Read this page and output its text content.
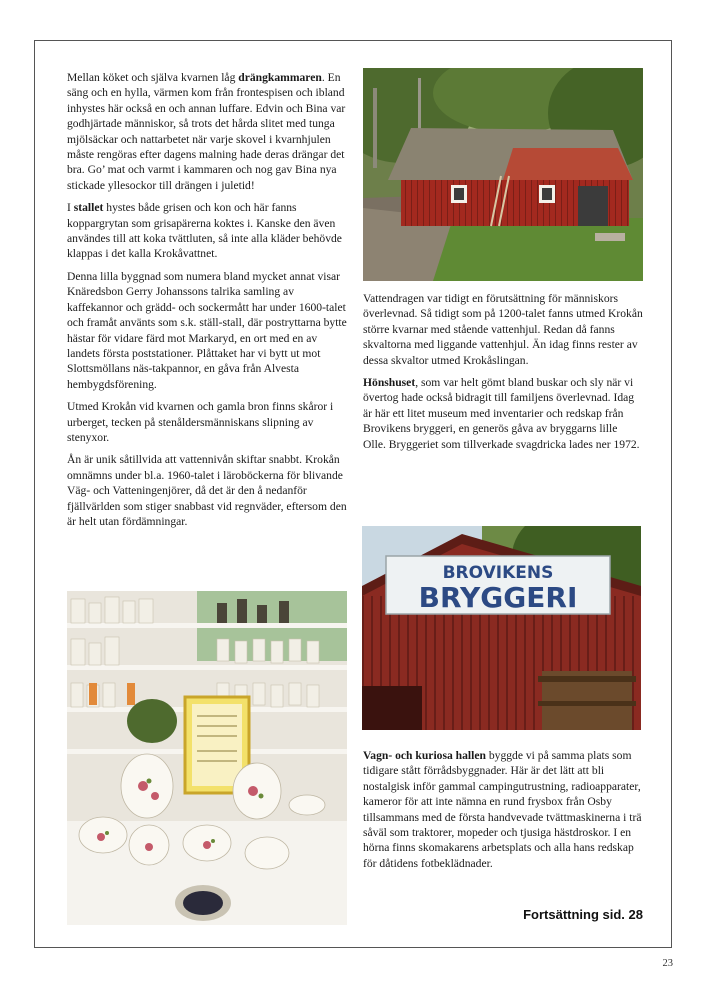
Mellan köket och själva kvarnen låg drängkammaren. En säng och en hylla, värmen kom från frontespisen och ibland inhystes här också en och annan luffare. Edvin och Bina var godhjärtade människor, så trots det hårda slitet med tunga mjölsäckar och nattarbetet när varje skovel i kvarnhjulen måste rengöras efter dagens malning hade deras drängar det bra. Go’ mat och varmt i kammaren och nog gav Bina nya stickade yllesockor till drängen i juletid!

I stallet hystes både grisen och kon och här fanns koppargrytan som grisapärerna koktes i. Kanske den även användes till att koka tvättluten, så inte alla kläder behövde klappas i det kalla Krokåvattnet.

Denna lilla byggnad som numera bland mycket annat visar Knäredsbon Gerry Johanssons talrika samling av kaffekannor och grädd- och sockermått har under 1600-talet och framåt använts som s.k. ställ-stall, där postryttarna bytte hästar för vidare färd mot Markaryd, en ort med en av landets första poststationer. Plåttaket har vi bytt ut mot Slottsmöllans näs-takpannor, en gåva från Alvesta hembygdsförening.

Utmed Krokån vid kvarnen och gamla bron finns skåror i urberget, tecken på stenåldersmänniskans slipning av stenyxor.

Ån är unik såtillvida att vattennivån skiftar snabbt. Krokån omnämns under bl.a. 1960-talet i läroböckerna för blivande Väg- och Vatteningenjörer, då det är den å nedanför fjällvärlden som stiger snabbast vid regnväder, eftersom den är helt utan fördämningar.

Vattendragen var tidigt en förutsättning för människors överlevnad. Så tidigt som på 1200-talet fanns utmed Krokån större kvarnar med stående vattenhjul. Redan då fanns skvaltorna med liggande vattenhjul. Än idag finns rester av dessa skvaltor utmed Krokåslingan.

Hönshuset, som var helt gömt bland buskar och sly när vi övertog hade också bidragit till familjens överlevnad. Idag är här ett litet museum med inventarier och redskap från Brovikens bryggeri, en generös gåva av bryggarns lille Olle. Bryggeriet som tillverkade svagdricka lades ner 1972.

BROVIKENS
BRYGGERI

Vagn- och kuriosa hallen byggde vi på samma plats som tidigare stått förrådsbyggnader. Här är det lätt att bli nostalgisk inför gammal campingutrustning, radioapparater, kameror för att inte nämna en rund frysbox från Osby tillsammans med de första handvevade tvättmaskinerna i trä såväl som traktorer, mopeder och tjusiga hästdroskor. I en hörna finns skomakarens arbetsplats och alla hans redskap för dåtidens fotbeklädnader.

Fortsättning sid. 28
23
